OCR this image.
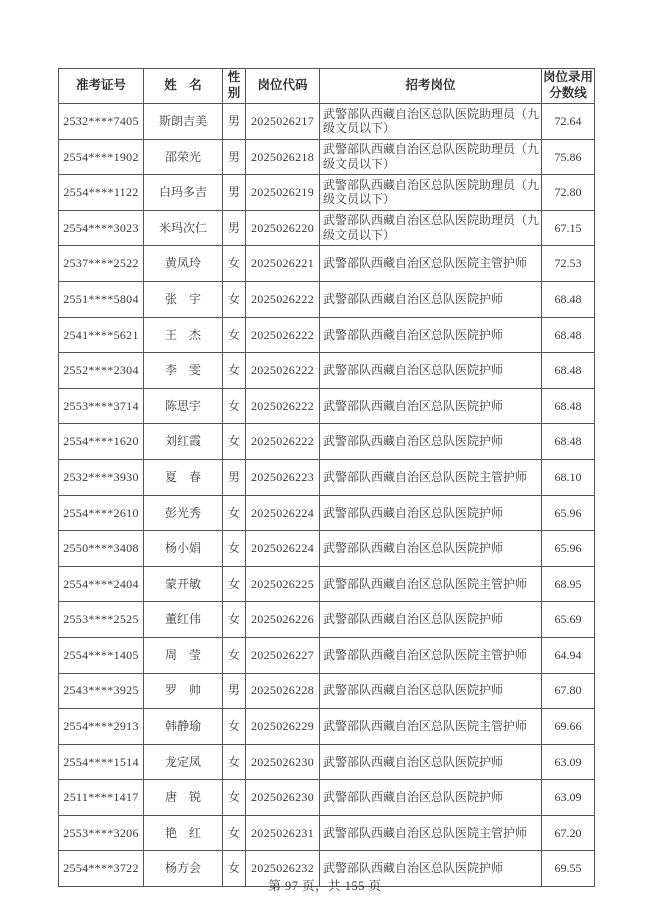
准考证号	姓　名	性别	岗位代码	招考岗位	岗位录用分数线
2532****7405	斯朗吉美	男	2025026217	武警部队西藏自治区总队医院助理员（九级文员以下）	72.64
2554****1902	邵荣光	男	2025026218	武警部队西藏自治区总队医院助理员（九级文员以下）	75.86
2554****1122	白玛多吉	男	2025026219	武警部队西藏自治区总队医院助理员（九级文员以下）	72.80
2554****3023	米玛次仁	男	2025026220	武警部队西藏自治区总队医院助理员（九级文员以下）	67.15
2537****2522	黄凤玲	女	2025026221	武警部队西藏自治区总队医院主管护师	72.53
2551****5804	张　宇	女	2025026222	武警部队西藏自治区总队医院护师	68.48
2541****5621	王　杰	女	2025026222	武警部队西藏自治区总队医院护师	68.48
2552****2304	李　雯	女	2025026222	武警部队西藏自治区总队医院护师	68.48
2553****3714	陈思宇	女	2025026222	武警部队西藏自治区总队医院护师	68.48
2554****1620	刘红霞	女	2025026222	武警部队西藏自治区总队医院护师	68.48
2532****3930	夏　春	男	2025026223	武警部队西藏自治区总队医院主管护师	68.10
2554****2610	彭光秀	女	2025026224	武警部队西藏自治区总队医院护师	65.96
2550****3408	杨小娟	女	2025026224	武警部队西藏自治区总队医院护师	65.96
2554****2404	蒙开敏	女	2025026225	武警部队西藏自治区总队医院主管护师	68.95
2553****2525	董红伟	女	2025026226	武警部队西藏自治区总队医院护师	65.69
2554****1405	周　莹	女	2025026227	武警部队西藏自治区总队医院主管护师	64.94
2543****3925	罗　帅	男	2025026228	武警部队西藏自治区总队医院护师	67.80
2554****2913	韩静瑜	女	2025026229	武警部队西藏自治区总队医院主管护师	69.66
2554****1514	龙定凤	女	2025026230	武警部队西藏自治区总队医院护师	63.09
2511****1417	唐　锐	女	2025026230	武警部队西藏自治区总队医院护师	63.09
2553****3206	艳　红	女	2025026231	武警部队西藏自治区总队医院主管护师	67.20
2554****3722	杨方会	女	2025026232	武警部队西藏自治区总队医院护师	69.55
第 97 页，共 155 页
